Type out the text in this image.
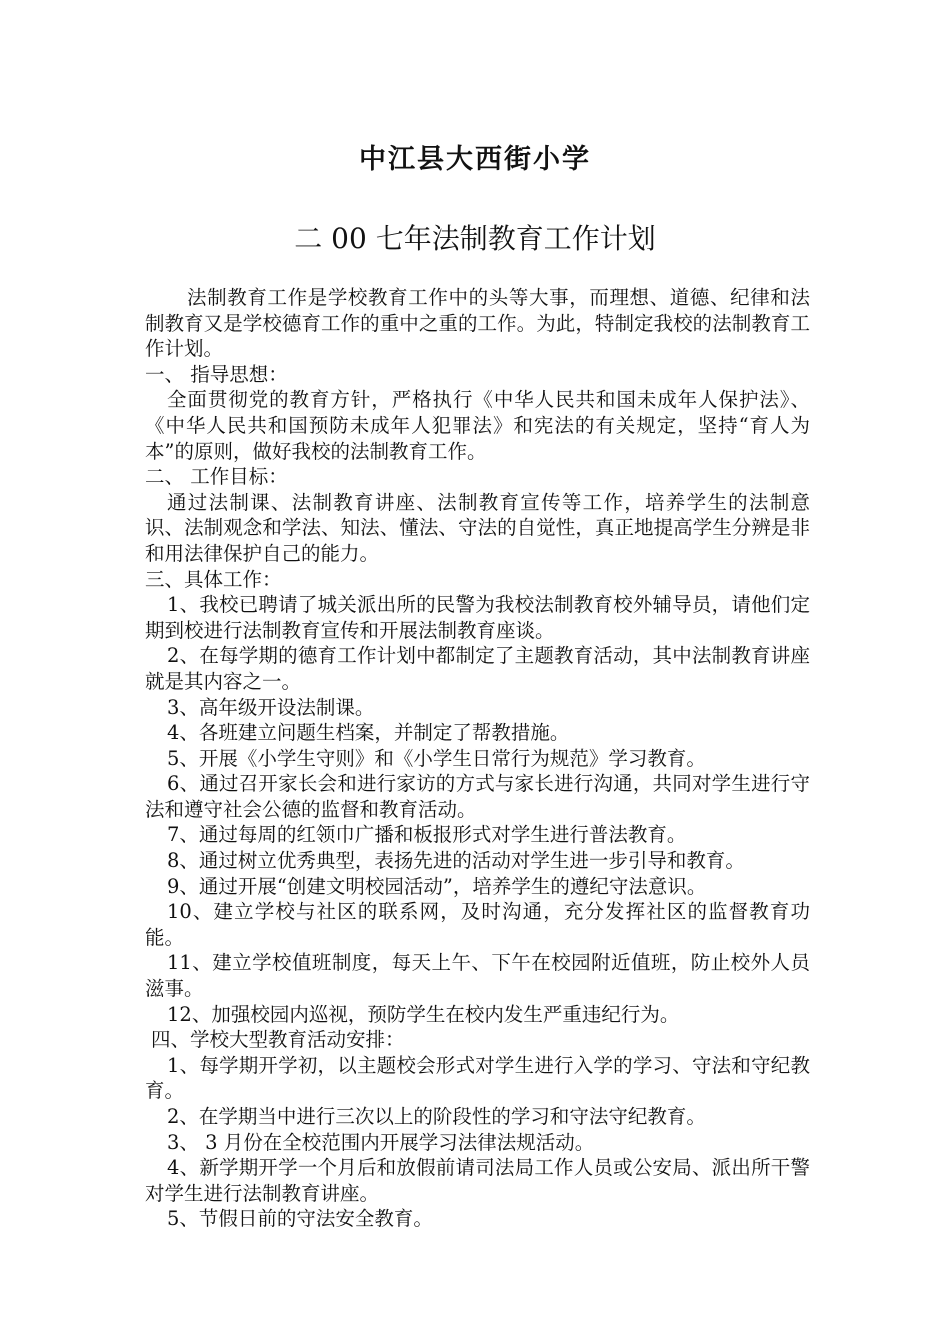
中江县大西街小学
二 00 七年法制教育工作计划

法制教育工作是学校教育工作中的头等大事，而理想、道德、纪律和法制教育又是学校德育工作的重中之重的工作。为此，特制定我校的法制教育工作计划。

一、 指导思想：

全面贯彻党的教育方针，严格执行《中华人民共和国未成年人保护法》、《中华人民共和国预防未成年人犯罪法》和宪法的有关规定，坚持“育人为本”的原则，做好我校的法制教育工作。

二、 工作目标：

通过法制课、法制教育讲座、法制教育宣传等工作，培养学生的法制意识、法制观念和学法、知法、懂法、守法的自觉性，真正地提高学生分辨是非和用法律保护自己的能力。

三、具体工作：

1、我校已聘请了城关派出所的民警为我校法制教育校外辅导员，请他们定期到校进行法制教育宣传和开展法制教育座谈。

2、在每学期的德育工作计划中都制定了主题教育活动，其中法制教育讲座就是其内容之一。

3、高年级开设法制课。

4、各班建立问题生档案，并制定了帮教措施。

5、开展《小学生守则》和《小学生日常行为规范》学习教育。

6、通过召开家长会和进行家访的方式与家长进行沟通，共同对学生进行守法和遵守社会公德的监督和教育活动。

7、通过每周的红领巾广播和板报形式对学生进行普法教育。

8、通过树立优秀典型，表扬先进的活动对学生进一步引导和教育。

9、通过开展“创建文明校园活动”，培养学生的遵纪守法意识。

10、建立学校与社区的联系网，及时沟通，充分发挥社区的监督教育功能。

11、建立学校值班制度，每天上午、下午在校园附近值班，防止校外人员滋事。

12、加强校园内巡视，预防学生在校内发生严重违纪行为。

四、学校大型教育活动安排：

1、每学期开学初，以主题校会形式对学生进行入学的学习、守法和守纪教育。

2、在学期当中进行三次以上的阶段性的学习和守法守纪教育。

3、 3 月份在全校范围内开展学习法律法规活动。

4、新学期开学一个月后和放假前请司法局工作人员或公安局、派出所干警对学生进行法制教育讲座。

5、节假日前的守法安全教育。
